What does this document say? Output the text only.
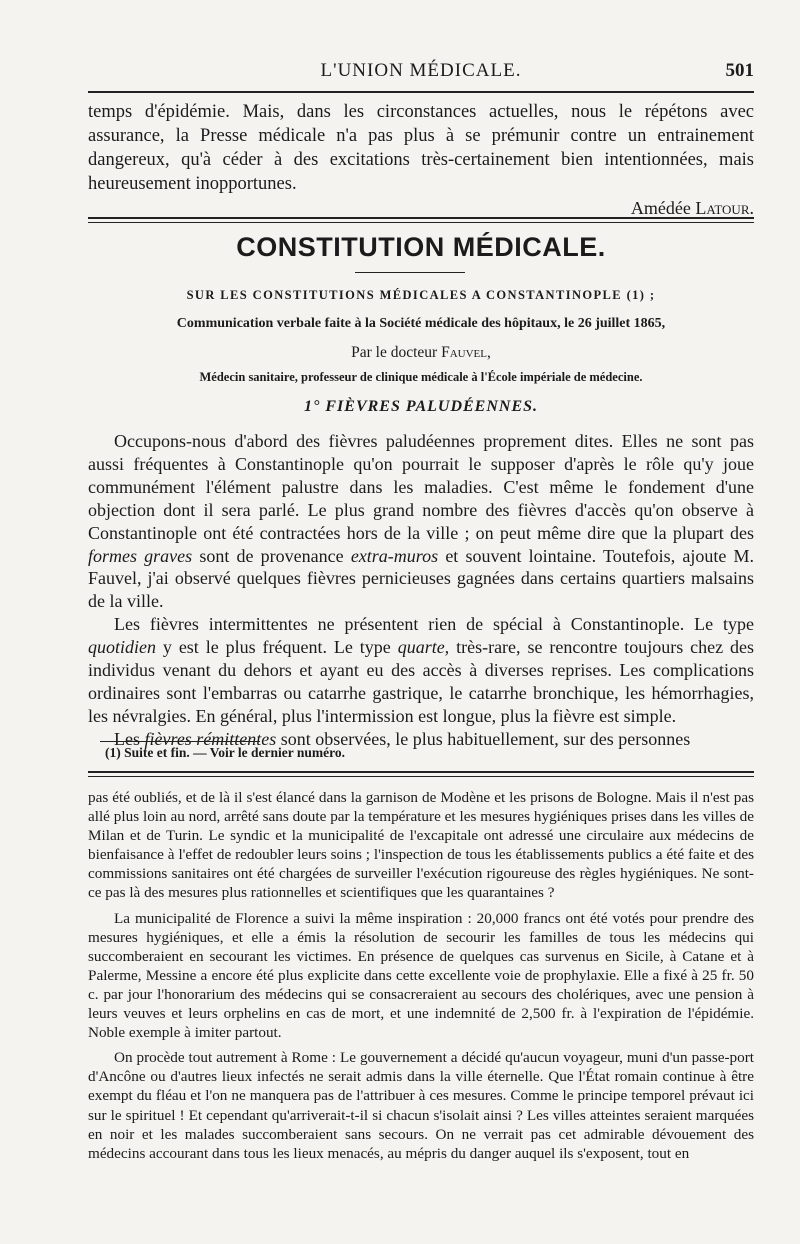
L'UNION MÉDICALE.	501

temps d'épidémie. Mais, dans les circonstances actuelles, nous le répétons avec assurance, la Presse médicale n'a pas plus à se prémunir contre un entrainement dangereux, qu'à céder à des excitations très-certainement bien intentionnées, mais heureusement inopportunes.

Amédée Latour.

CONSTITUTION MÉDICALE.
SUR LES CONSTITUTIONS MÉDICALES A CONSTANTINOPLE (1) ;
Communication verbale faite à la Société médicale des hôpitaux, le 26 juillet 1865,
Par le docteur Fauvel,
Médecin sanitaire, professeur de clinique médicale à l'École impériale de médecine.
1° FIÈVRES PALUDÉENNES.

Occupons-nous d'abord des fièvres paludéennes proprement dites. Elles ne sont pas aussi fréquentes à Constantinople qu'on pourrait le supposer d'après le rôle qu'y joue communément l'élément palustre dans les maladies. C'est même le fondement d'une objection dont il sera parlé. Le plus grand nombre des fièvres d'accès qu'on observe à Constantinople ont été contractées hors de la ville ; on peut même dire que la plupart des formes graves sont de provenance extra-muros et souvent lointaine. Toutefois, ajoute M. Fauvel, j'ai observé quelques fièvres pernicieuses gagnées dans certains quartiers malsains de la ville.

Les fièvres intermittentes ne présentent rien de spécial à Constantinople. Le type quotidien y est le plus fréquent. Le type quarte, très-rare, se rencontre toujours chez des individus venant du dehors et ayant eu des accès à diverses reprises. Les complications ordinaires sont l'embarras ou catarrhe gastrique, le catarrhe bronchique, les hémorrhagies, les névralgies. En général, plus l'intermission est longue, plus la fièvre est simple.

Les fièvres rémittentes sont observées, le plus habituellement, sur des personnes

(1) Suite et fin. — Voir le dernier numéro.

pas été oubliés, et de là il s'est élancé dans la garnison de Modène et les prisons de Bologne. Mais il n'est pas allé plus loin au nord, arrêté sans doute par la température et les mesures hygiéniques prises dans les villes de Milan et de Turin. Le syndic et la municipalité de l'excapitale ont adressé une circulaire aux médecins de bienfaisance à l'effet de redoubler leurs soins ; l'inspection de tous les établissements publics a été faite et des commissions sanitaires ont été chargées de surveiller l'exécution rigoureuse des règles hygiéniques. Ne sont-ce pas là des mesures plus rationnelles et scientifiques que les quarantaines ?

La municipalité de Florence a suivi la même inspiration : 20,000 francs ont été votés pour prendre des mesures hygiéniques, et elle a émis la résolution de secourir les familles de tous les médecins qui succomberaient en secourant les victimes. En présence de quelques cas survenus en Sicile, à Catane et à Palerme, Messine a encore été plus explicite dans cette excellente voie de prophylaxie. Elle a fixé à 25 fr. 50 c. par jour l'honorarium des médecins qui se consacreraient au secours des cholériques, avec une pension à leurs veuves et leurs orphelins en cas de mort, et une indemnité de 2,500 fr. à l'expiration de l'épidémie. Noble exemple à imiter partout.

On procède tout autrement à Rome : Le gouvernement a décidé qu'aucun voyageur, muni d'un passe-port d'Ancône ou d'autres lieux infectés ne serait admis dans la ville éternelle. Que l'État romain continue à être exempt du fléau et l'on ne manquera pas de l'attribuer à ces mesures. Comme le principe temporel prévaut ici sur le spirituel ! Et cependant qu'arriverait-t-il si chacun s'isolait ainsi ? Les villes atteintes seraient marquées en noir et les malades succomberaient sans secours. On ne verrait pas cet admirable dévouement des médecins accourant dans tous les lieux menacés, au mépris du danger auquel ils s'exposent, tout en
